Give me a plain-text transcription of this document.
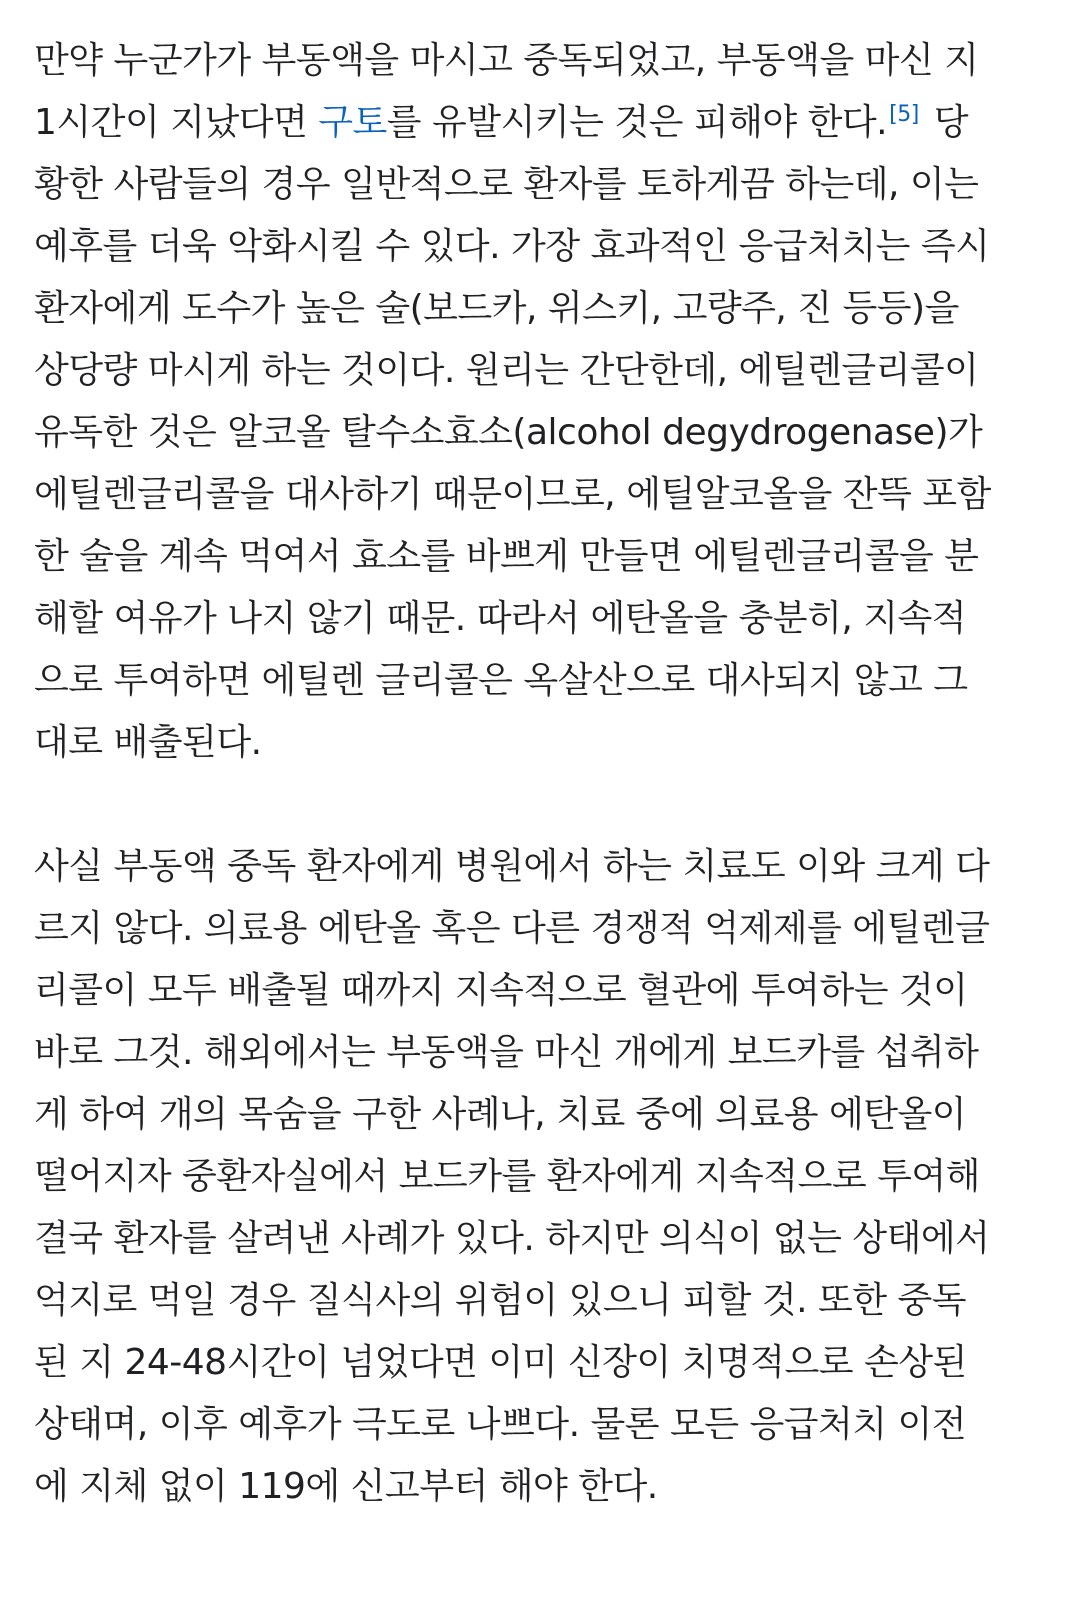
만약 누군가가 부동액을 마시고 중독되었고, 부동액을 마신 지
1시간이 지났다면 구토를 유발시키는 것은 피해야 한다.[5] 당
황한 사람들의 경우 일반적으로 환자를 토하게끔 하는데, 이는
예후를 더욱 악화시킬 수 있다. 가장 효과적인 응급처치는 즉시
환자에게 도수가 높은 술(보드카, 위스키, 고량주, 진 등등)을
상당량 마시게 하는 것이다. 원리는 간단한데, 에틸렌글리콜이
유독한 것은 알코올 탈수소효소(alcohol degydrogenase)가
에틸렌글리콜을 대사하기 때문이므로, 에틸알코올을 잔뜩 포함
한 술을 계속 먹여서 효소를 바쁘게 만들면 에틸렌글리콜을 분
해할 여유가 나지 않기 때문. 따라서 에탄올을 충분히, 지속적
으로 투여하면 에틸렌 글리콜은 옥살산으로 대사되지 않고 그
대로 배출된다.

사실 부동액 중독 환자에게 병원에서 하는 치료도 이와 크게 다
르지 않다. 의료용 에탄올 혹은 다른 경쟁적 억제제를 에틸렌글
리콜이 모두 배출될 때까지 지속적으로 혈관에 투여하는 것이
바로 그것. 해외에서는 부동액을 마신 개에게 보드카를 섭취하
게 하여 개의 목숨을 구한 사례나, 치료 중에 의료용 에탄올이
떨어지자 중환자실에서 보드카를 환자에게 지속적으로 투여해
결국 환자를 살려낸 사례가 있다. 하지만 의식이 없는 상태에서
억지로 먹일 경우 질식사의 위험이 있으니 피할 것. 또한 중독
된 지 24-48시간이 넘었다면 이미 신장이 치명적으로 손상된
상태며, 이후 예후가 극도로 나쁘다. 물론 모든 응급처치 이전
에 지체 없이 119에 신고부터 해야 한다.
